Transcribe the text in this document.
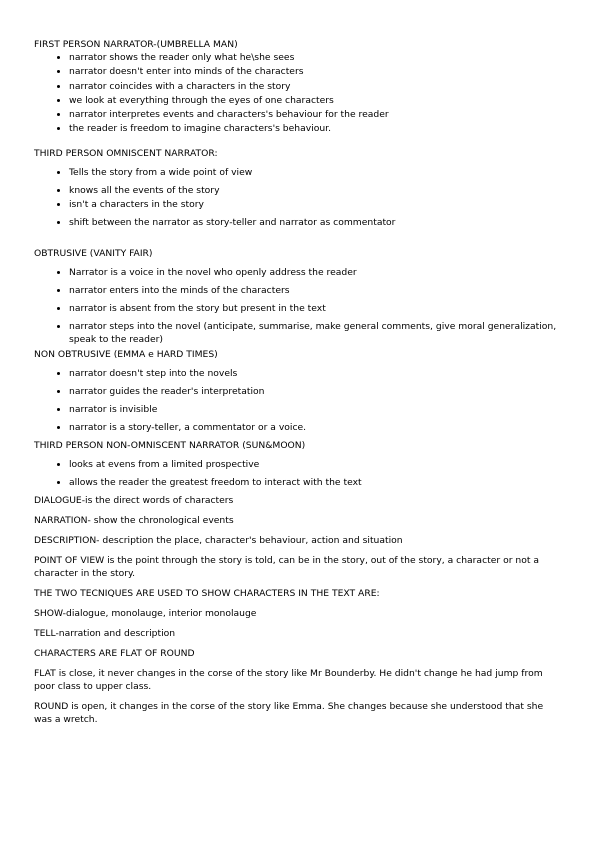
FIRST PERSON NARRATOR-(UMBRELLA MAN)

• narrator shows the reader only what he\she sees
• narrator doesn't enter into minds of the characters
• narrator coincides with a characters in the story
• we look at everything through the eyes of one characters
• narrator interpretes events and characters's behaviour for the reader
• the reader is freedom to imagine characters's behaviour.

THIRD PERSON OMNISCENT NARRATOR:

• Tells the story from a wide point of view
• knows all the events of the story
• isn't a characters in the story
• shift between the narrator as story-teller and narrator as commentator

OBTRUSIVE (VANITY FAIR)

• Narrator is a voice in the novel who openly address the reader
• narrator enters into the minds of the characters
• narrator is absent from the story but present in the text
• narrator steps into the novel (anticipate, summarise, make general comments, give moral generalization, speak to the reader)

NON OBTRUSIVE (EMMA e HARD TIMES)

• narrator doesn't step into the novels
• narrator guides the reader's interpretation
• narrator is invisible
• narrator is a story-teller, a commentator or a voice.

THIRD PERSON NON-OMNISCENT NARRATOR (SUN&MOON)

• looks at evens from a limited prospective
• allows the reader the greatest freedom to interact with the text

DIALOGUE-is the direct words of characters

NARRATION- show the chronological events

DESCRIPTION- description the place, character's behaviour, action and situation

POINT OF VIEW is the point through the story is told, can be in the story, out of the story, a character or not a character in the story.

THE TWO TECNIQUES ARE USED TO SHOW CHARACTERS IN THE TEXT ARE:

SHOW-dialogue, monolauge, interior monolauge

TELL-narration and description

CHARACTERS ARE FLAT OF ROUND

FLAT is close, it never changes in the corse of the story like Mr Bounderby. He didn't change he had jump from poor class to upper class.

ROUND is open, it changes in the corse of the story like Emma. She changes because she understood that she was a wretch.
